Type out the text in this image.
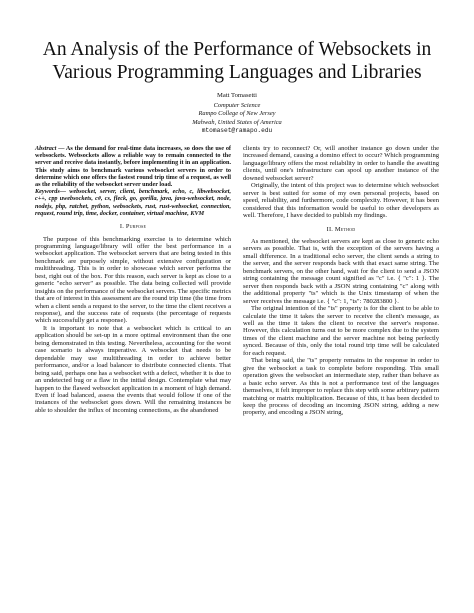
An Analysis of the Performance of Websockets in
Various Programming Languages and Libraries
Matt Tomasetti
Computer Science
Rampo College of New Jersey
Mahwah, United States of America
mtomaset@ramapo.edu

Abstract — As the demand for real-time data increases, so does the use of websockets. Websockets allow a reliable way to remain connected to the server and receive data instantly, before implementing it in an application. This study aims to benchmark various websocket servers in order to determine which one offers the fastest round trip time of a request, as well as the reliability of the websocket server under load.

Keywords— websocket, server, client, benchmark, echo, c, libwebsocket, c++, cpp uwebsockets, c#, cs, fleck, go, gorilla, java, java-websocket, node, nodejs, php, ratchet, python, websockets, rust, rust-websocket, connection, request, round trip, time, docker, container, virtual machine, KVM

I. Purpose

The purpose of this benchmarking exercise is to determine which programming language/library will offer the best performance in a websocket application. The websocket servers that are being tested in this benchmark are purposely simple, without extensive configuration or multithreading. This is in order to showcase which server performs the best, right out of the box. For this reason, each server is kept as close to a generic "echo server" as possible. The data being collected will provide insights on the performance of the websocket servers. The specific metrics that are of interest in this assessment are the round trip time (the time from when a client sends a request to the server, to the time the client receives a response), and the success rate of requests (the percentage of requests which successfully get a response).

It is important to note that a websocket which is critical to an application should be set-up in a more optimal environment than the one being demonstrated in this testing. Nevertheless, accounting for the worst case scenario is always imperative. A websocket that needs to be dependable may use multithreading in order to achieve better performance, and/or a load balancer to distribute connected clients. That being said, perhaps one has a websocket with a defect, whether it is due to an undetected bug or a flaw in the initial design. Contemplate what may happen to the flawed websocket application in a moment of high demand. Even if load balanced, assess the events that would follow if one of the instances of the websocket goes down. Will the remaining instances be able to shoulder the influx of incoming connections, as the abandoned

clients try to reconnect? Or, will another instance go down under the increased demand, causing a domino effect to occur? Which programming language/library offers the most reliability in order to handle the awaiting clients, until one's infrastructure can spool up another instance of the downed websocket server?

Originally, the intent of this project was to determine which websocket server is best suited for some of my own personal projects, based on speed, reliability, and furthermore, code complexity. However, it has been considered that this information would be useful to other developers as well. Therefore, I have decided to publish my findings.

II. Method

As mentioned, the websocket servers are kept as close to generic echo servers as possible. That is, with the exception of the servers having a small difference. In a traditional echo server, the client sends a string to the server, and the server responds back with that exact same string. The benchmark servers, on the other hand, wait for the client to send a JSON string containing the message count signified as "c" i.e. { "c": 1 }. The server then responds back with a JSON string containing "c" along with the additional property "ts" which is the Unix timestamp of when the server receives the message i.e. { "c": 1, "ts": 780283800 }.

The original intention of the "ts" property is for the client to be able to calculate the time it takes the server to receive the client's message, as well as the time it takes the client to receive the server's response. However, this calculation turns out to be more complex due to the system times of the client machine and the server machine not being perfectly synced. Because of this, only the total round trip time will be calculated for each request.

That being said, the "ts" property remains in the response in order to give the websocket a task to complete before responding. This small operation gives the websocket an intermediate step, rather than behave as a basic echo server. As this is not a performance test of the languages themselves, it felt improper to replace this step with some arbitrary pattern matching or matrix multiplication. Because of this, it has been decided to keep the process of decoding an incoming JSON string, adding a new property, and encoding a JSON string,
